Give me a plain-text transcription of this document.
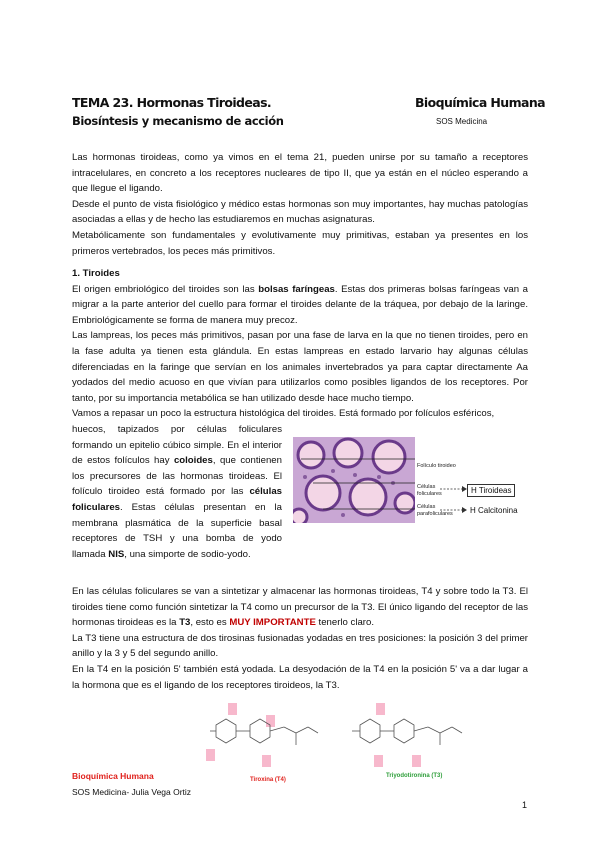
TEMA 23. Hormonas Tiroideas.	Bioquímica Humana
Biosíntesis y mecanismo de acción	SOS Medicina

Las hormonas tiroideas, como ya vimos en el tema 21, pueden unirse por su tamaño a receptores intracelulares, en concreto a los receptores nucleares de tipo II, que ya están en el núcleo esperando a que llegue el ligando.

Desde el punto de vista fisiológico y médico estas hormonas son muy importantes, hay muchas patologías asociadas a ellas y de hecho las estudiaremos en muchas asignaturas.

Metabólicamente son fundamentales y evolutivamente muy primitivas, estaban ya presentes en los primeros vertebrados, los peces más primitivos.

1. Tiroides

El origen embriológico del tiroides son las bolsas faríngeas. Estas dos primeras bolsas faríngeas van a migrar a la parte anterior del cuello para formar el tiroides delante de la tráquea, por debajo de la laringe. Embriológicamente se forma de manera muy precoz.

Las lampreas, los peces más primitivos, pasan por una fase de larva en la que no tienen tiroides, pero en la fase adulta ya tienen esta glándula. En estas lampreas en estado larvario hay algunas células diferenciadas en la faringe que servían en los animales invertebrados ya para captar directamente Aa yodados del medio acuoso en que vivían para utilizarlos como posibles ligandos de los receptores. Por tanto, por su importancia metabólica se han utilizado desde hace mucho tiempo.

Vamos a repasar un poco la estructura histológica del tiroides. Está formado por folículos esféricos,

huecos, tapizados por células foliculares formando un epitelio cúbico simple. En el interior de estos folículos hay coloides, que contienen los precursores de las hormonas tiroideas. El folículo tiroideo está formado por las células foliculares. Estas células presentan en la membrana plasmática de la superficie basal receptores de TSH y una bomba de yodo llamada NIS, una simporte de sodio-yodo.

Folículo tiroideo
Células foliculares
Células parafoliculares
H Tiroideas
H Calcitonina

En las células foliculares se van a sintetizar y almacenar las hormonas tiroideas, T4 y sobre todo la T3. El tiroides tiene como función sintetizar la T4 como un precursor de la T3. El único ligando del receptor de las hormonas tiroideas es la T3, esto es MUY IMPORTANTE tenerlo claro.

La T3 tiene una estructura de dos tirosinas fusionadas yodadas en tres posiciones: la posición 3 del primer anillo y la 3 y 5 del segundo anillo.

En la T4 en la posición 5' también está yodada. La desyodación de la T4 en la posición 5' va a dar lugar a la hormona que es el ligando de los receptores tiroideos, la T3.

Tiroxina (T4)
Triyodotironina (T3)
Bioquímica Humana
SOS Medicina- Julia Vega Ortiz
1
